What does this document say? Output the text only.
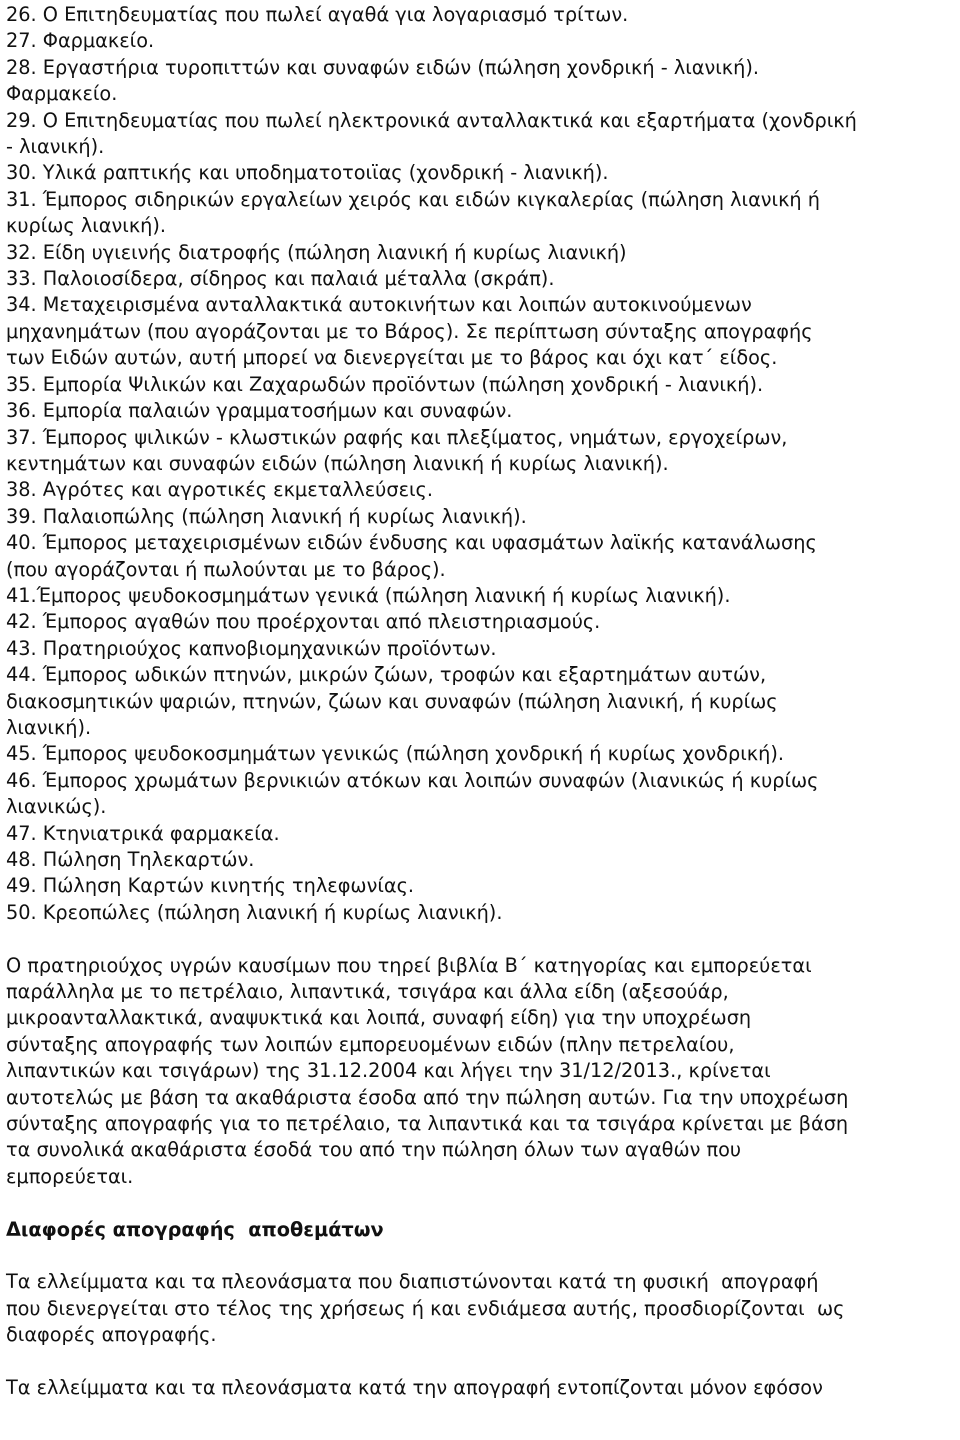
26. Ο Επιτηδευματίας που πωλεί αγαθά για λογαριασμό τρίτων.
27. Φαρμακείο.
28. Εργαστήρια τυροπιττών και συναφών ειδών (πώληση χονδρική - λιανική).
Φαρμακείο.
29. Ο Επιτηδευματίας που πωλεί ηλεκτρονικά ανταλλακτικά και εξαρτήματα (χονδρική
- λιανική).
30. Υλικά ραπτικής και υποδηματοτοιϊας (χονδρική - λιανική).
31. Έμπορος σιδηρικών εργαλείων χειρός και ειδών κιγκαλερίας (πώληση λιανική ή
κυρίως λιανική).
32. Είδη υγιεινής διατροφής (πώληση λιανική ή κυρίως λιανική)
33. Παλοιοσίδερα, σίδηρος και παλαιά μέταλλα (σκράπ).
34. Μεταχειρισμένα ανταλλακτικά αυτοκινήτων και λοιπών αυτοκινούμενων
μηχανημάτων (που αγοράζονται με το Βάρος). Σε περίπτωση σύνταξης απογραφής
των Ειδών αυτών, αυτή μπορεί να διενεργείται με το βάρος και όχι κατ΄ είδος.
35. Εμπορία Ψιλικών και Ζαχαρωδών προϊόντων (πώληση χονδρική - λιανική).
36. Εμπορία παλαιών γραμματοσήμων και συναφών.
37. Έμπορος ψιλικών - κλωστικών ραφής και πλεξίματος, νημάτων, εργοχείρων,
κεντημάτων και συναφών ειδών (πώληση λιανική ή κυρίως λιανική).
38. Αγρότες και αγροτικές εκμεταλλεύσεις.
39. Παλαιοπώλης (πώληση λιανική ή κυρίως λιανική).
40. Έμπορος μεταχειρισμένων ειδών ένδυσης και υφασμάτων λαϊκής κατανάλωσης
(που αγοράζονται ή πωλούνται με το βάρος).
41.Έμπορος ψευδοκοσμημάτων γενικά (πώληση λιανική ή κυρίως λιανική).
42. Έμπορος αγαθών που προέρχονται από πλειστηριασμούς.
43. Πρατηριούχος καπνοβιομηχανικών προϊόντων.
44. Έμπορος ωδικών πτηνών, μικρών ζώων, τροφών και εξαρτημάτων αυτών,
διακοσμητικών ψαριών, πτηνών, ζώων και συναφών (πώληση λιανική, ή κυρίως
λιανική).
45. Έμπορος ψευδοκοσμημάτων γενικώς (πώληση χονδρική ή κυρίως χονδρική).
46. Έμπορος χρωμάτων βερνικιών ατόκων και λοιπών συναφών (λιανικώς ή κυρίως
λιανικώς).
47. Κτηνιατρικά φαρμακεία.
48. Πώληση Τηλεκαρτών.
49. Πώληση Καρτών κινητής τηλεφωνίας.
50. Κρεοπώλες (πώληση λιανική ή κυρίως λιανική).
Ο πρατηριούχος υγρών καυσίμων που τηρεί βιβλία Β΄ κατηγορίας και εμπορεύεται
παράλληλα με το πετρέλαιο, λιπαντικά, τσιγάρα και άλλα είδη (αξεσούάρ,
μικροανταλλακτικά, αναψυκτικά και λοιπά, συναφή είδη) για την υποχρέωση
σύνταξης απογραφής των λοιπών εμπορευομένων ειδών (πλην πετρελαίου,
λιπαντικών και τσιγάρων) της 31.12.2004 και λήγει την 31/12/2013., κρίνεται
αυτοτελώς με βάση τα ακαθάριστα έσοδα από την πώληση αυτών. Για την υποχρέωση
σύνταξης απογραφής για το πετρέλαιο, τα λιπαντικά και τα τσιγάρα κρίνεται με βάση
τα συνολικά ακαθάριστα έσοδά του από την πώληση όλων των αγαθών που
εμπορεύεται.
Διαφορές απογραφής  αποθεμάτων
Τα ελλείμματα και τα πλεονάσματα που διαπιστώνονται κατά τη φυσική  απογραφή
που διενεργείται στο τέλος της χρήσεως ή και ενδιάμεσα αυτής, προσδιορίζονται  ως
διαφορές απογραφής.
Τα ελλείμματα και τα πλεονάσματα κατά την απογραφή εντοπίζονται μόνον εφόσον
